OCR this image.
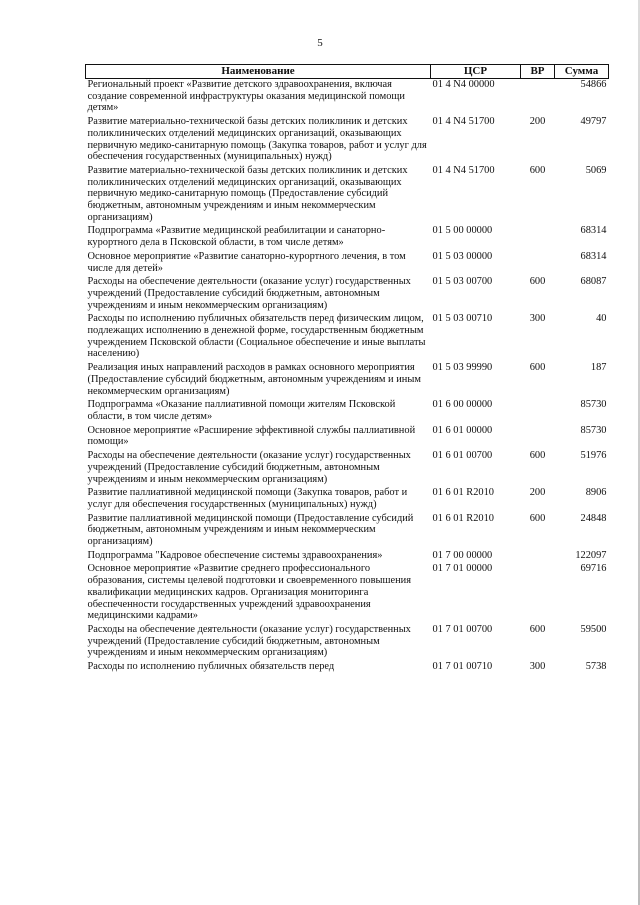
5
Наименование	ЦСР	ВР	Сумма
Региональный проект «Развитие детского здравоохранения, включая создание современной инфраструктуры оказания медицинской помощи детям»	01 4 N4 00000		54866
Развитие материально-технической базы детских поликлиник и детских поликлинических отделений медицинских организаций, оказывающих первичную медико-санитарную помощь (Закупка товаров, работ и услуг для обеспечения государственных (муниципальных) нужд)	01 4 N4 51700	200	49797
Развитие материально-технической базы детских поликлиник и детских поликлинических отделений медицинских организаций, оказывающих первичную медико-санитарную помощь (Предоставление субсидий бюджетным, автономным учреждениям и иным некоммерческим организациям)	01 4 N4 51700	600	5069
Подпрограмма «Развитие медицинской реабилитации и санаторно-курортного дела в Псковской области, в том числе детям»	01 5 00 00000		68314
Основное мероприятие «Развитие санаторно-курортного лечения, в том числе для детей»	01 5 03 00000		68314
Расходы на обеспечение деятельности (оказание услуг) государственных учреждений (Предоставление субсидий бюджетным, автономным учреждениям и иным некоммерческим организациям)	01 5 03 00700	600	68087
Расходы по исполнению публичных обязательств перед физическим лицом, подлежащих исполнению в денежной форме, государственным бюджетным учреждением Псковской области (Социальное обеспечение и иные выплаты населению)	01 5 03 00710	300	40
Реализация иных направлений расходов в рамках основного мероприятия (Предоставление субсидий бюджетным, автономным учреждениям и иным некоммерческим организациям)	01 5 03 99990	600	187
Подпрограмма «Оказание паллиативной помощи жителям Псковской области, в том числе детям»	01 6 00 00000		85730
Основное мероприятие «Расширение эффективной службы паллиативной помощи»	01 6 01 00000		85730
Расходы на обеспечение деятельности (оказание услуг) государственных учреждений (Предоставление субсидий бюджетным, автономным учреждениям и иным некоммерческим организациям)	01 6 01 00700	600	51976
Развитие паллиативной медицинской помощи (Закупка товаров, работ и услуг для обеспечения государственных (муниципальных) нужд)	01 6 01 R2010	200	8906
Развитие паллиативной медицинской помощи (Предоставление субсидий бюджетным, автономным учреждениям и иным некоммерческим организациям)	01 6 01 R2010	600	24848
Подпрограмма "Кадровое обеспечение системы здравоохранения»	01 7 00 00000		122097
Основное мероприятие «Развитие среднего профессионального образования, системы целевой подготовки и своевременного повышения квалификации медицинских кадров. Организация мониторинга обеспеченности государственных учреждений здравоохранения медицинскими кадрами»	01 7 01 00000		69716
Расходы на обеспечение деятельности (оказание услуг) государственных учреждений (Предоставление субсидий бюджетным, автономным учреждениям и иным некоммерческим организациям)	01 7 01 00700	600	59500
Расходы по исполнению публичных обязательств перед	01 7 01 00710	300	5738
